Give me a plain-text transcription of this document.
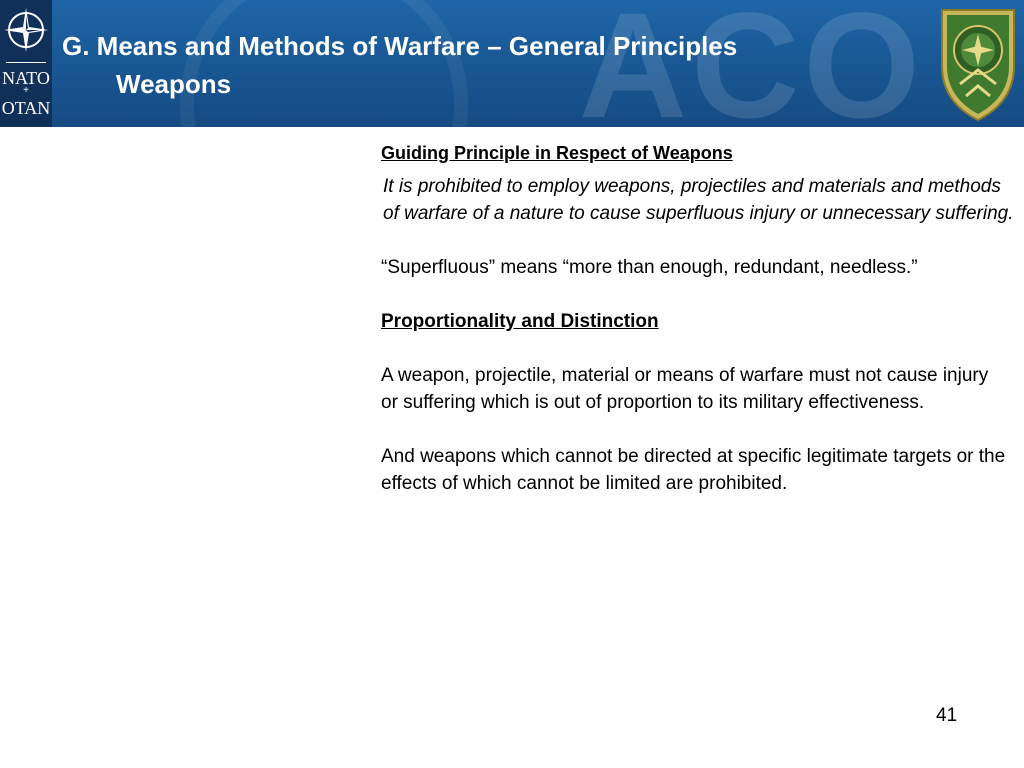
ACO
NATO
+
OTAN
G. Means and Methods of Warfare – General Principles
Weapons

Guiding Principle in Respect of Weapons

It is prohibited to employ weapons, projectiles and materials and methods of warfare of a nature to cause superfluous injury or unnecessary suffering.

“Superfluous” means “more than enough, redundant, needless.”

Proportionality and Distinction

A weapon, projectile, material or means of warfare must not cause injury or suffering which is out of proportion to its military effectiveness.

And weapons which cannot be directed at specific legitimate targets or the effects of which cannot be limited are prohibited.

41
